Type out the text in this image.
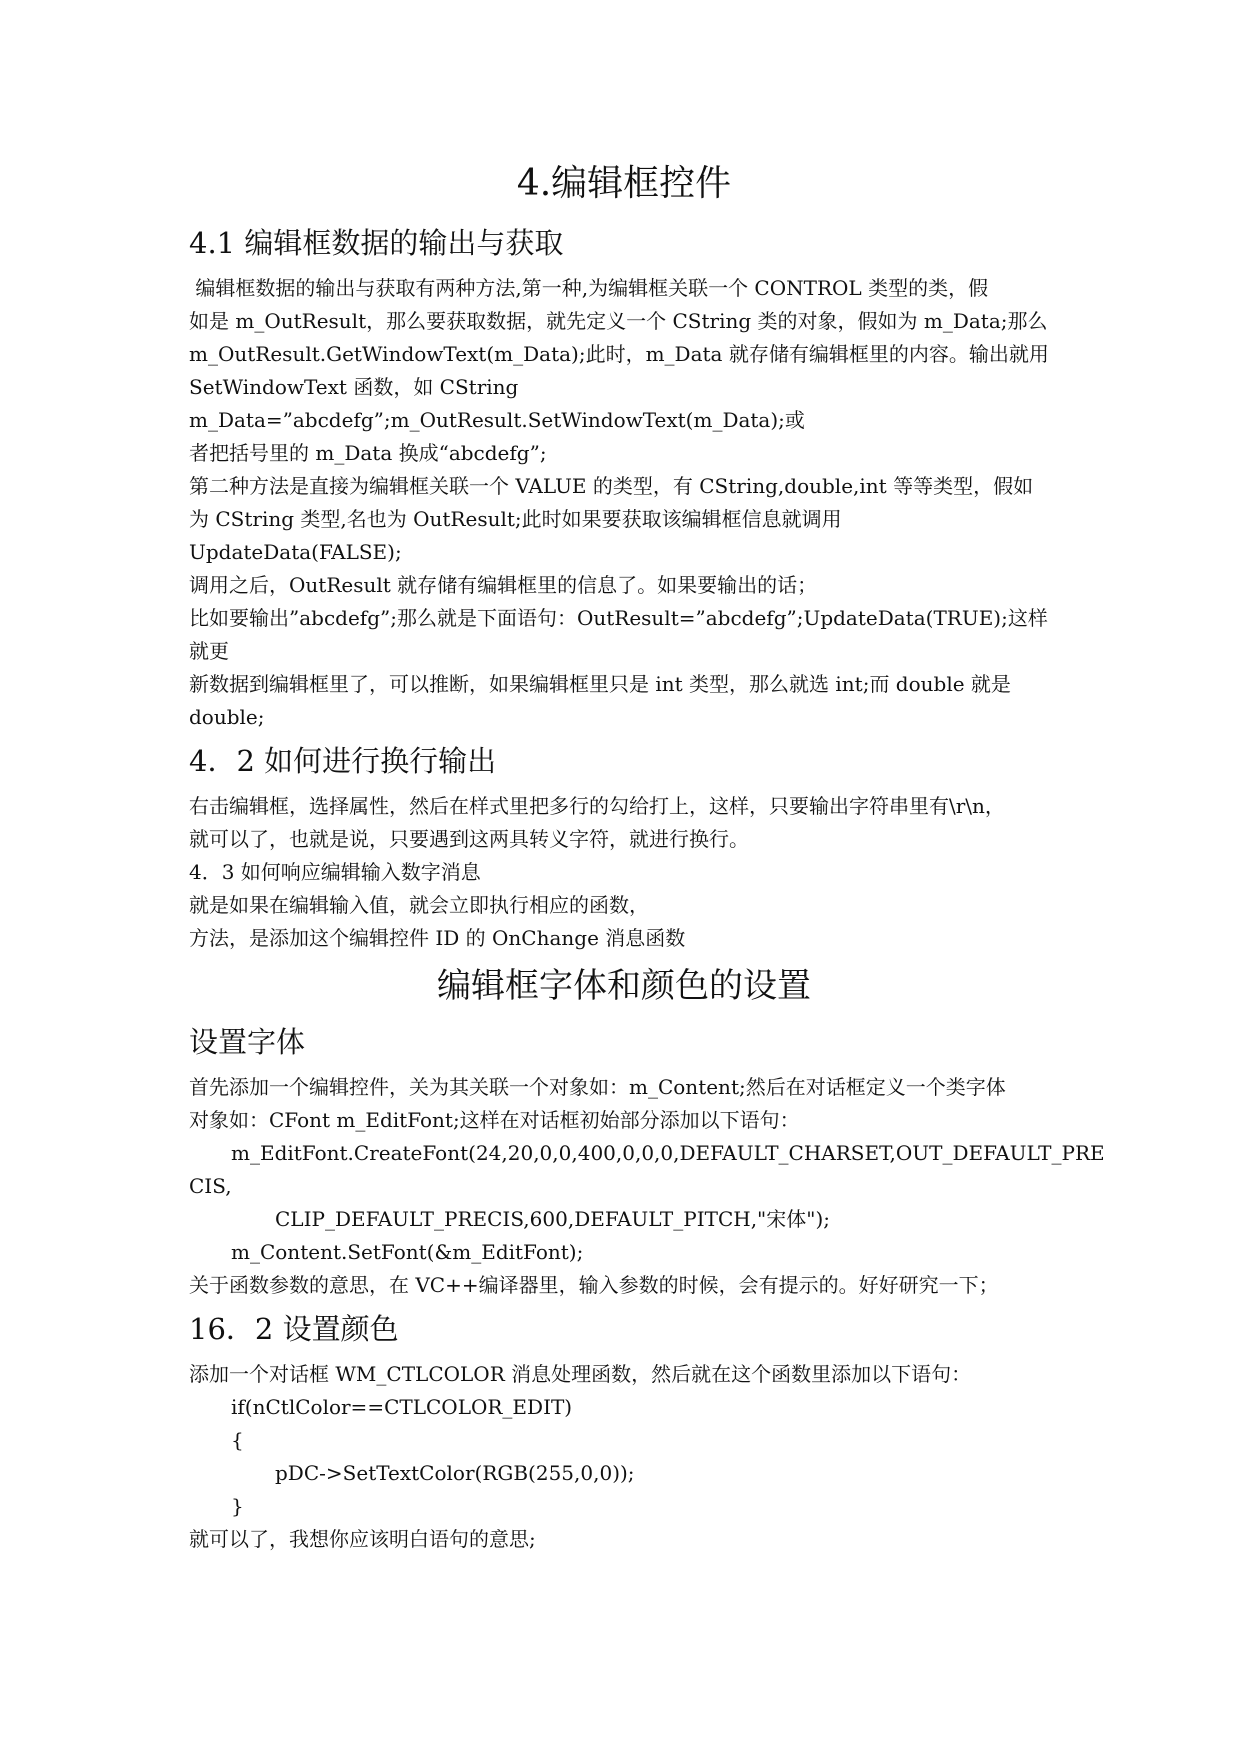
4.编辑框控件
4.1 编辑框数据的输出与获取

编辑框数据的输出与获取有两种方法,第一种,为编辑框关联一个 CONTROL 类型的类，假

如是 m_OutResult，那么要获取数据，就先定义一个 CString 类的对象，假如为 m_Data;那么

m_OutResult.GetWindowText(m_Data);此时，m_Data 就存储有编辑框里的内容。输出就用

SetWindowText 函数，如 CString m_Data=”abcdefg”;m_OutResult.SetWindowText(m_Data);或

者把括号里的 m_Data 换成“abcdefg”;

第二种方法是直接为编辑框关联一个 VALUE 的类型，有 CString,double,int 等等类型，假如

为 CString 类型,名也为 OutResult;此时如果要获取该编辑框信息就调用 UpdateData(FALSE);

调用之后，OutResult 就存储有编辑框里的信息了。如果要输出的话；

比如要输出”abcdefg”;那么就是下面语句：OutResult=”abcdefg”;UpdateData(TRUE);这样就更

新数据到编辑框里了，可以推断，如果编辑框里只是 int 类型，那么就选 int;而 double 就是

double;

4．2 如何进行换行输出

右击编辑框，选择属性，然后在样式里把多行的勾给打上，这样，只要输出字符串里有\r\n，

就可以了，也就是说，只要遇到这两具转义字符，就进行换行。

4．3 如何响应编辑输入数字消息

就是如果在编辑输入值，就会立即执行相应的函数，

方法，是添加这个编辑控件 ID 的 OnChange 消息函数

编辑框字体和颜色的设置
设置字体

首先添加一个编辑控件，关为其关联一个对象如：m_Content;然后在对话框定义一个类字体

对象如：CFont m_EditFont;这样在对话框初始部分添加以下语句：

m_EditFont.CreateFont(24,20,0,0,400,0,0,0,DEFAULT_CHARSET,OUT_DEFAULT_PRE

CIS,

CLIP_DEFAULT_PRECIS,600,DEFAULT_PITCH,"宋体");

m_Content.SetFont(&m_EditFont);

关于函数参数的意思，在 VC++编译器里，输入参数的时候，会有提示的。好好研究一下；

16．2 设置颜色

添加一个对话框 WM_CTLCOLOR 消息处理函数，然后就在这个函数里添加以下语句：

if(nCtlColor==CTLCOLOR_EDIT)

{

pDC->SetTextColor(RGB(255,0,0));

}

就可以了，我想你应该明白语句的意思;
